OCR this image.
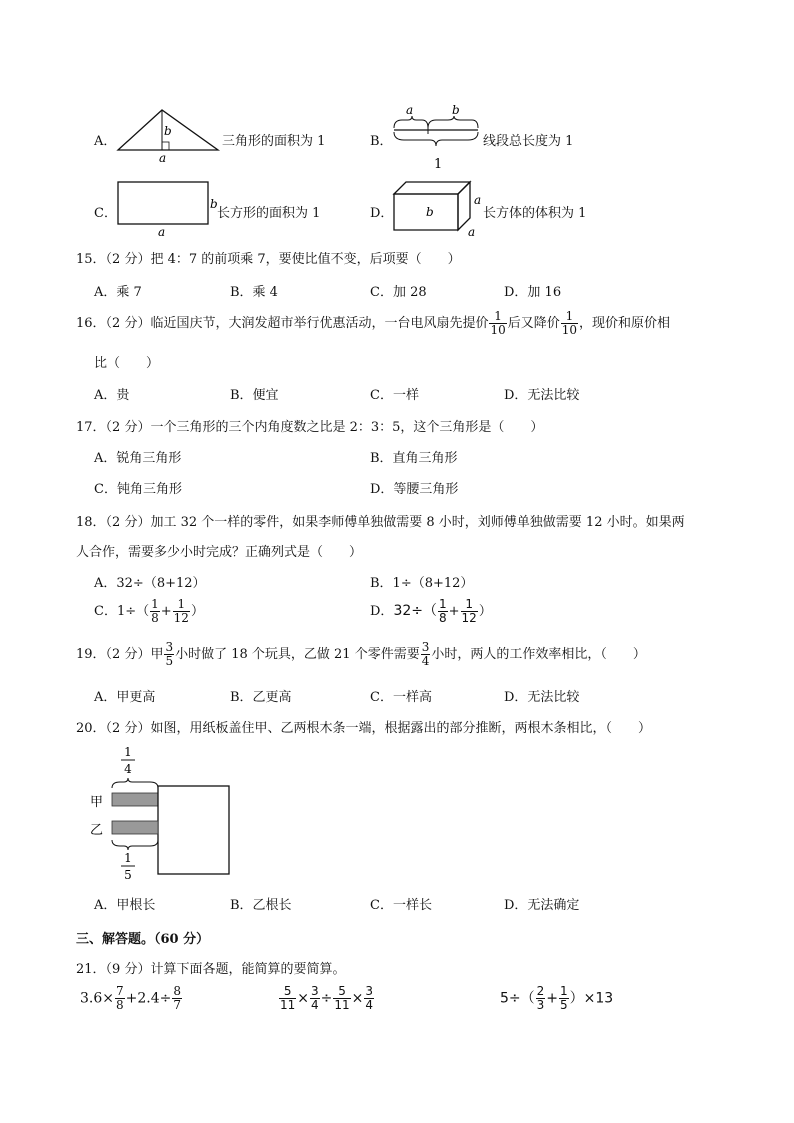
A．
b
a
三角形的面积为 1	B．
a	b
1
线段总长度为 1
C．
b
a
长方形的面积为 1	D．	b
a
a
长方体的体积为 1
15．（2 分）把 4：7 的前项乘 7，要使比值不变，后项要（　　）
A．乘 7	B．乘 4	C．加 28	D．加 16
16．（2 分）临近国庆节，大润发超市举行优惠活动，一台电风扇先提价 $\frac{1}{10}$ 后又降价 $\frac{1}{10}$ ，现价和原价相
比（　　）
A．贵	B．便宜	C．一样	D．无法比较
17．（2 分）一个三角形的三个内角度数之比是 2：3：5，这个三角形是（　　）
A．锐角三角形	B．直角三角形
C．钝角三角形	D．等腰三角形
18．（2 分）加工 32 个一样的零件，如果李师傅单独做需要 8 小时，刘师傅单独做需要 12 小时。如果两
人合作，需要多少小时完成？正确列式是（　　）
A．32÷（8+12）	B．1÷（8+12）
C．$1\div( \frac{1}{8} + \frac{1}{12}$ ）	D．$32\div( \frac{1}{8} + \frac{1}{12}$ ）
19．（2 分）甲 $\frac{3}{5}$ 小时做了 18 个玩具，乙做 21 个零件需要 $\frac{3}{4}$ 小时，两人的工作效率相比，（　　）
A．甲更高	B．乙更高	C．一样高	D．无法比较
20．（2 分）如图，用纸板盖住甲、乙两根木条一端，根据露出的部分推断，两根木条相比，（　　）
1
4
甲
乙
1
5
A．甲根长	B．乙根长	C．一样长	D．无法确定
三、解答题。（60 分）
21．（9 分）计算下面各题，能简算的要简算。
$3.6\times \frac{7}{8} +2.4\div \frac{8}{7}$	$\frac{5}{11} \times \frac{3}{4} \div \frac{5}{11} \times \frac{3}{4}$	$5\div( \frac{2}{3} + \frac{1}{5} )\times 13$
